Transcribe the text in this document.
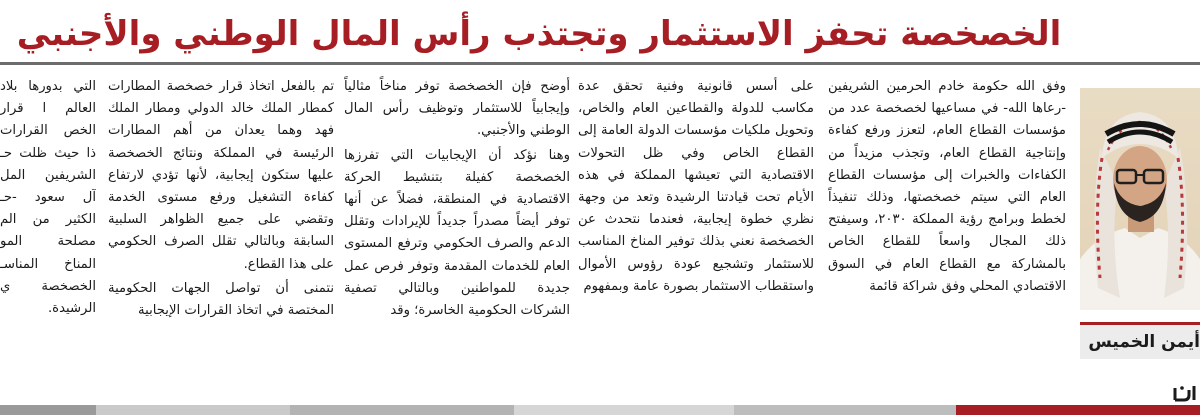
الخصخصة تحفز الاستثمار وتجتذب رأس المال الوطني والأجنبي
أيمن الخميس

وفق الله حكومة خادم الحرمين الشريفين -رعاها الله- في مساعيها لخصخصة عدد من مؤسسات القطاع العام، لتعزز ورفع كفاءة وإنتاجية القطاع العام، وتجذب مزيداً من الكفاءات والخبرات إلى مؤسسات القطاع العام التي سيتم خصخصتها، وذلك تنفيذاً لخطط وبرامج رؤية المملكة ٢٠٣٠، وسيفتح ذلك المجال واسعاً للقطاع الخاص بالمشاركة مع القطاع العام في السوق الاقتصادي المحلي وفق شراكة قائمة

على أسس قانونية وفنية تحقق عدة مكاسب للدولة والقطاعين العام والخاص، وتحويل ملكيات مؤسسات الدولة العامة إلى القطاع الخاص وفي ظل التحولات الاقتصادية التي تعيشها المملكة في هذه الأيام تحت قيادتنا الرشيدة وتعد من وجهة نظري خطوة إيجابية، فعندما نتحدث عن الخصخصة نعني بذلك توفير المناخ المناسب للاستثمار وتشجيع عودة رؤوس الأموال واستقطاب الاستثمار بصورة عامة وبمفهوم

أوضح فإن الخصخصة توفر مناخاً مثالياً وإيجابياً للاستثمار وتوظيف رأس المال الوطني والأجنبي.

وهنا نؤكد أن الإيجابيات التي تفرزها الخصخصة كفيلة بتنشيط الحركة الاقتصادية في المنطقة، فضلاً عن أنها توفر أيضاً مصدراً جديداً للإيرادات وتقلل الدعم والصرف الحكومي وترفع المستوى العام للخدمات المقدمة وتوفر فرص عمل جديدة للمواطنين وبالتالي تصفية الشركات الحكومية الخاسرة؛ وقد

تم بالفعل اتخاذ قرار خصخصة المطارات كمطار الملك خالد الدولي ومطار الملك فهد وهما يعدان من أهم المطارات الرئيسة في المملكة ونتائج الخصخصة عليها ستكون إيجابية، لأنها تؤدي لارتفاع كفاءة التشغيل ورفع مستوى الخدمة وتقضي على جميع الظواهر السلبية السابقة وبالتالي تقلل الصرف الحكومي على هذا القطاع.

نتمنى أن تواصل الجهات الحكومية المختصة في اتخاذ القرارات الإيجابية

التي بدورها بلاد العالم ا قرار الخص القرارات ذا حيث ظلت حـ الشريفين المل آل سعود -حـ الكثير من الم مصلحة المو المناخ المناسـ الخصخصة ي الرشيدة.
